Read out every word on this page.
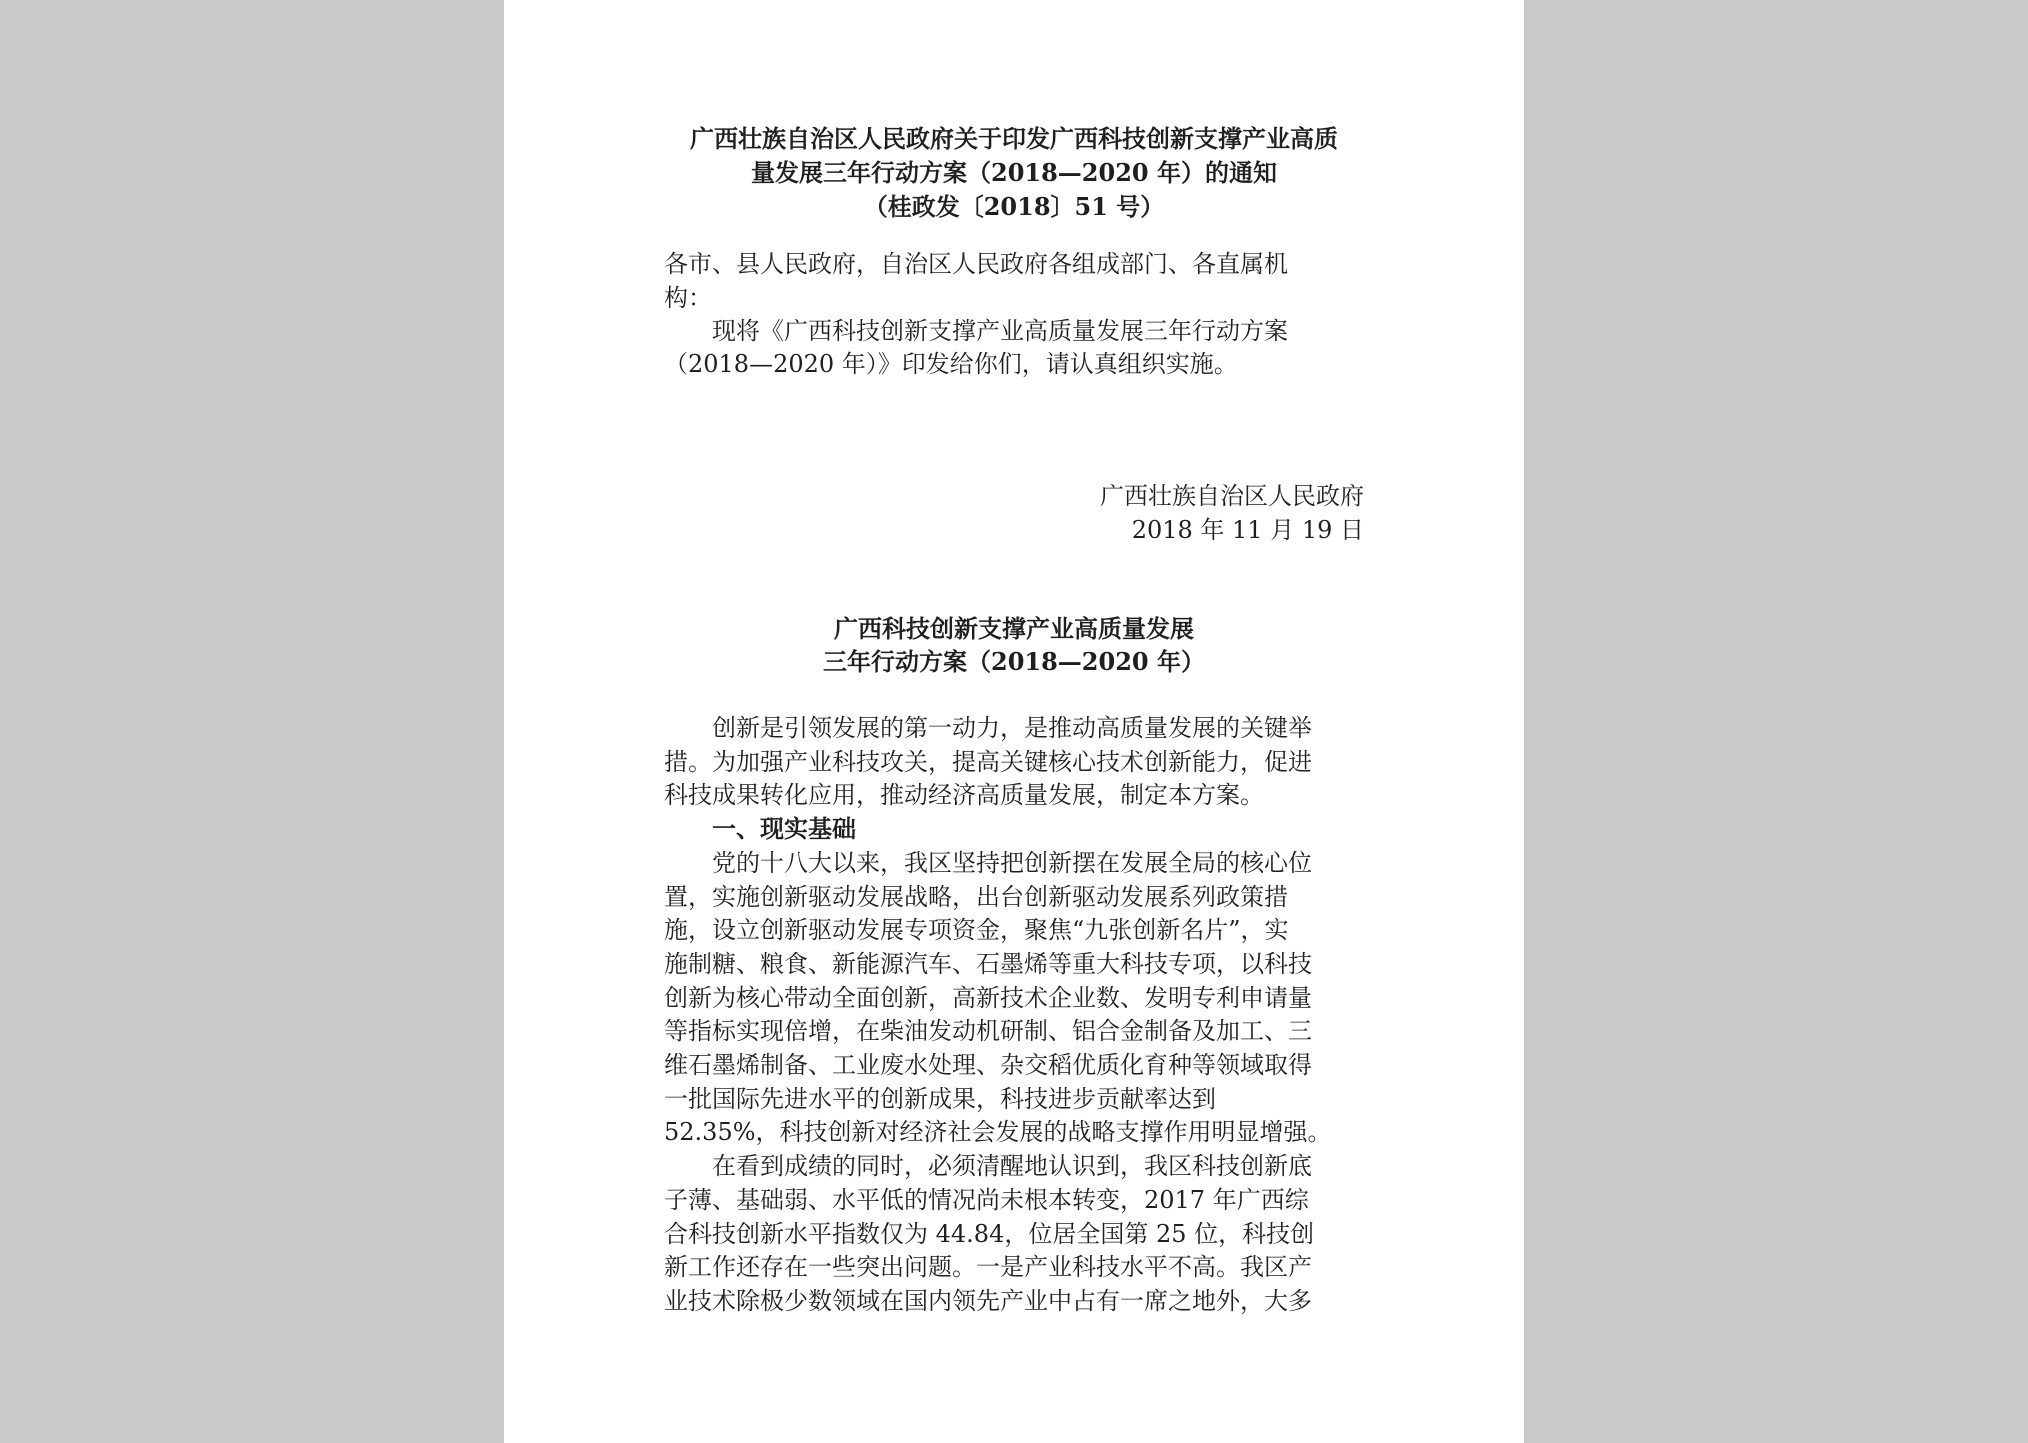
广西壮族自治区人民政府关于印发广西科技创新支撑产业高质
量发展三年行动方案（2018—2020 年）的通知
（桂政发〔2018〕51 号）
各市、县人民政府，自治区人民政府各组成部门、各直属机
构：
现将《广西科技创新支撑产业高质量发展三年行动方案
（2018—2020 年）》印发给你们，请认真组织实施。
广西壮族自治区人民政府
2018 年 11 月 19 日
广西科技创新支撑产业高质量发展
三年行动方案（2018—2020 年）
创新是引领发展的第一动力，是推动高质量发展的关键举
措。为加强产业科技攻关，提高关键核心技术创新能力，促进
科技成果转化应用，推动经济高质量发展，制定本方案。
一、现实基础
党的十八大以来，我区坚持把创新摆在发展全局的核心位
置，实施创新驱动发展战略，出台创新驱动发展系列政策措
施，设立创新驱动发展专项资金，聚焦“九张创新名片”，实
施制糖、粮食、新能源汽车、石墨烯等重大科技专项，以科技
创新为核心带动全面创新，高新技术企业数、发明专利申请量
等指标实现倍增，在柴油发动机研制、铝合金制备及加工、三
维石墨烯制备、工业废水处理、杂交稻优质化育种等领域取得
一批国际先进水平的创新成果，科技进步贡献率达到
52.35%，科技创新对经济社会发展的战略支撑作用明显增强。
在看到成绩的同时，必须清醒地认识到，我区科技创新底
子薄、基础弱、水平低的情况尚未根本转变，2017 年广西综
合科技创新水平指数仅为 44.84，位居全国第 25 位，科技创
新工作还存在一些突出问题。一是产业科技水平不高。我区产
业技术除极少数领域在国内领先产业中占有一席之地外，大多
